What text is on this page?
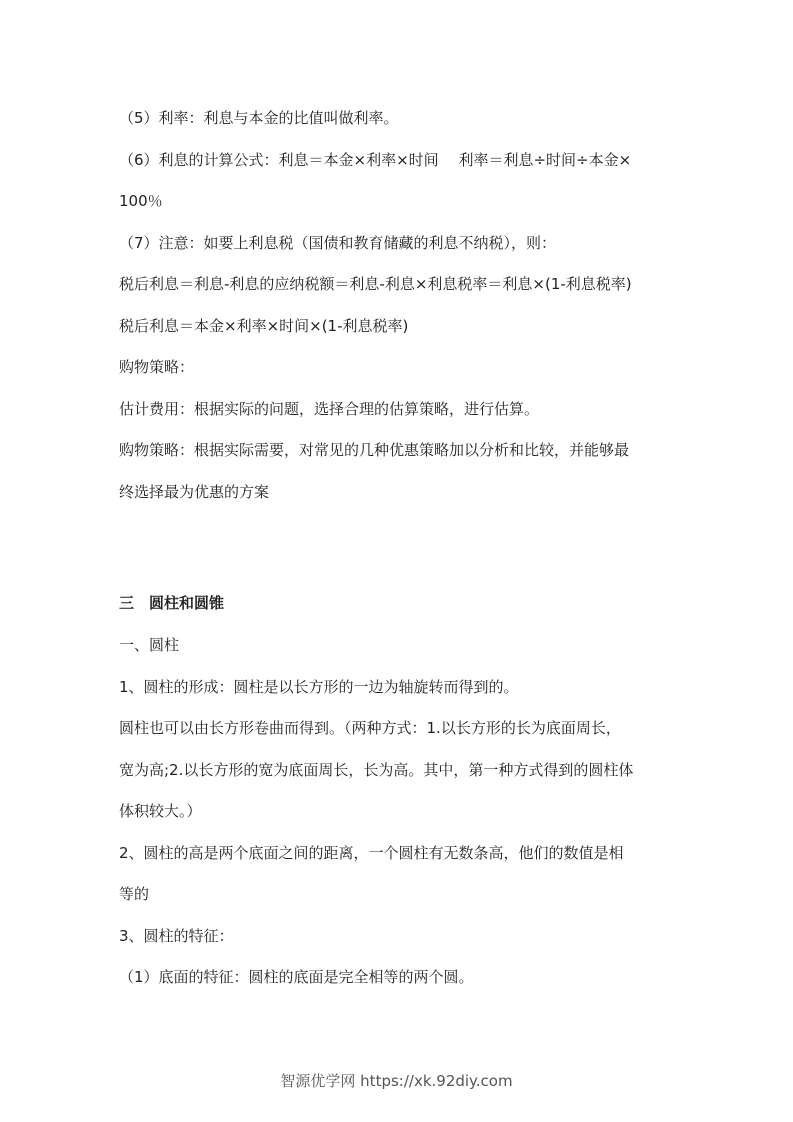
（5）利率：利息与本金的比值叫做利率。
（6）利息的计算公式：利息＝本金×利率×时间　 利率＝利息÷时间÷本金×
100％
（7）注意：如要上利息税（国债和教育储藏的利息不纳税），则：
税后利息＝利息-利息的应纳税额＝利息-利息×利息税率＝利息×(1-利息税率)
税后利息＝本金×利率×时间×(1-利息税率)
购物策略：
估计费用：根据实际的问题，选择合理的估算策略，进行估算。
购物策略：根据实际需要，对常见的几种优惠策略加以分析和比较，并能够最
终选择最为优惠的方案
三　圆柱和圆锥
一、圆柱
1、圆柱的形成：圆柱是以长方形的一边为轴旋转而得到的。
圆柱也可以由长方形卷曲而得到。（两种方式：1.以长方形的长为底面周长，
宽为高;2.以长方形的宽为底面周长，长为高。其中，第一种方式得到的圆柱体
体积较大。）
2、圆柱的高是两个底面之间的距离，一个圆柱有无数条高，他们的数值是相
等的
3、圆柱的特征：
（1）底面的特征：圆柱的底面是完全相等的两个圆。
智源优学网 https://xk.92diy.com
